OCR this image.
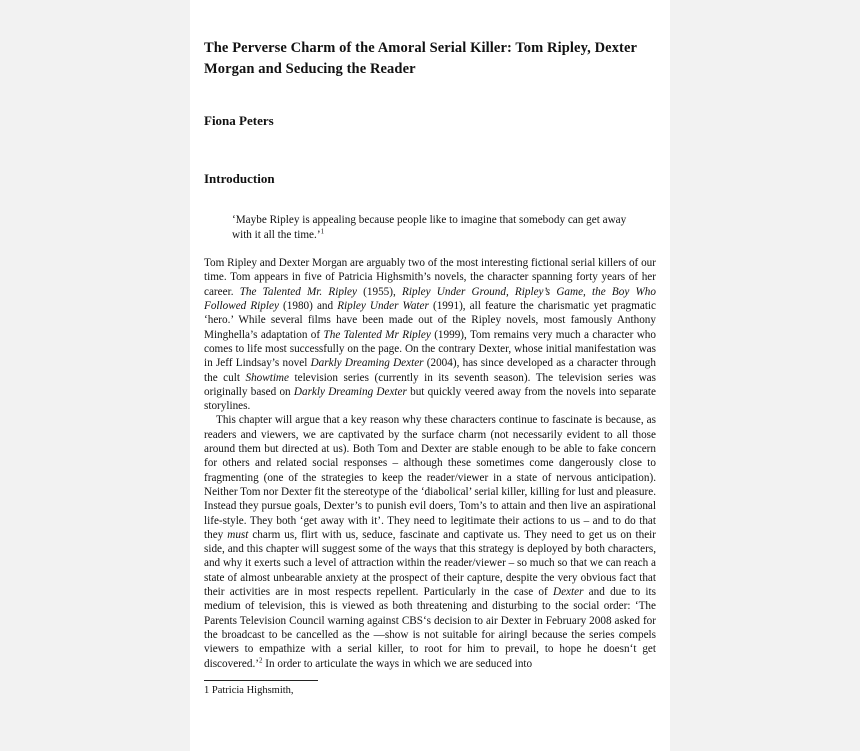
The Perverse Charm of the Amoral Serial Killer: Tom Ripley, Dexter Morgan and Seducing the Reader
Fiona Peters
Introduction
‘Maybe Ripley is appealing because people like to imagine that somebody can get away with it all the time.’$^1$

Tom Ripley and Dexter Morgan are arguably two of the most interesting fictional serial killers of our time. Tom appears in five of Patricia Highsmith’s novels, the character spanning forty years of her career. The Talented Mr. Ripley (1955), Ripley Under Ground, Ripley’s Game, the Boy Who Followed Ripley (1980) and Ripley Under Water (1991), all feature the charismatic yet pragmatic ‘hero.’ While several films have been made out of the Ripley novels, most famously Anthony Minghella’s adaptation of The Talented Mr Ripley (1999), Tom remains very much a character who comes to life most successfully on the page. On the contrary Dexter, whose initial manifestation was in Jeff Lindsay’s novel Darkly Dreaming Dexter (2004), has since developed as a character through the cult Showtime television series (currently in its seventh season). The television series was originally based on Darkly Dreaming Dexter but quickly veered away from the novels into separate storylines.

This chapter will argue that a key reason why these characters continue to fascinate is because, as readers and viewers, we are captivated by the surface charm (not necessarily evident to all those around them but directed at us). Both Tom and Dexter are stable enough to be able to fake concern for others and related social responses – although these sometimes come dangerously close to fragmenting (one of the strategies to keep the reader/viewer in a state of nervous anticipation). Neither Tom nor Dexter fit the stereotype of the ‘diabolical’ serial killer, killing for lust and pleasure. Instead they pursue goals, Dexter’s to punish evil doers, Tom’s to attain and then live an aspirational life-style. They both ‘get away with it’. They need to legitimate their actions to us – and to do that they must charm us, flirt with us, seduce, fascinate and captivate us. They need to get us on their side, and this chapter will suggest some of the ways that this strategy is deployed by both characters, and why it exerts such a level of attraction within the reader/viewer – so much so that we can reach a state of almost unbearable anxiety at the prospect of their capture, despite the very obvious fact that their activities are in most respects repellent. Particularly in the case of Dexter and due to its medium of television, this is viewed as both threatening and disturbing to the social order: ‘The Parents Television Council warning against CBS‘s decision to air Dexter in February 2008 asked for the broadcast to be cancelled as the ―show is not suitable for airing‖ because the series compels viewers to empathize with a serial killer, to root for him to prevail, to hope he doesn‘t get discovered.’$^2$ In order to articulate the ways in which we are seduced into

1 Patricia Highsmith,
